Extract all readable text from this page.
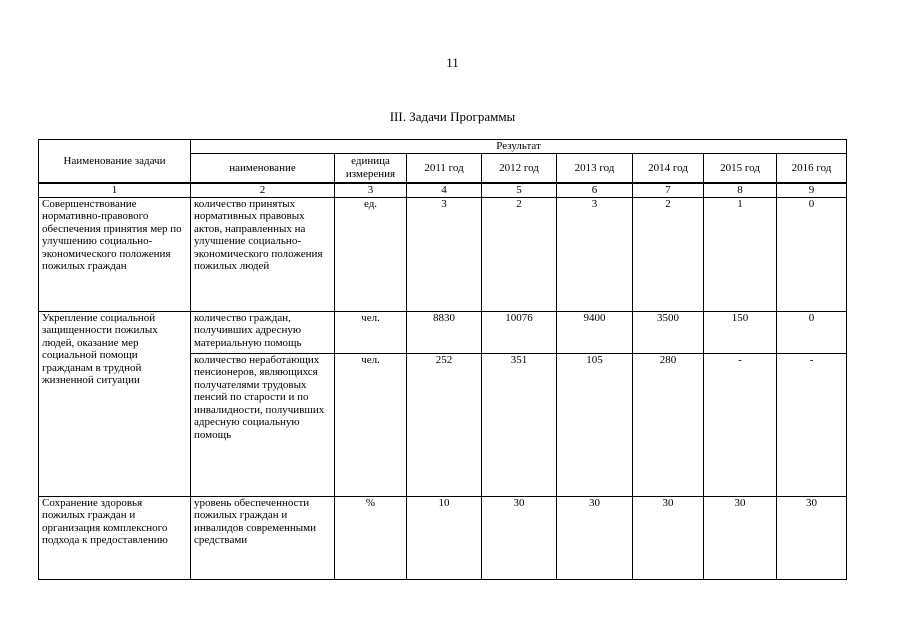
11
III. Задачи Программы
Наименование задачи	Результат							
	наименование	единица измерения	2011 год	2012 год	2013 год	2014 год	2015 год	2016 год
1	2	3	4	5	6	7	8	9
Совершенствование нормативно-правового обеспечения принятия мер по улучшению социально-экономического положения пожилых граждан	количество принятых нормативных правовых актов, направленных на улучшение социально-экономического положения пожилых людей	ед.	3	2	3	2	1	0
Укрепление социальной защищенности пожилых людей, оказание мер социальной помощи гражданам в трудной жизненной ситуации	количество граждан, получивших адресную материальную помощь	чел.	8830	10076	9400	3500	150	0
	количество неработающих пенсионеров, являющихся получателями трудовых пенсий по старости и по инвалидности, получивших адресную социальную помощь	чел.	252	351	105	280	-	-
Сохранение здоровья пожилых граждан и организация комплексного подхода к предоставлению	уровень обеспеченности пожилых граждан и инвалидов современными средствами	%	10	30	30	30	30	30
